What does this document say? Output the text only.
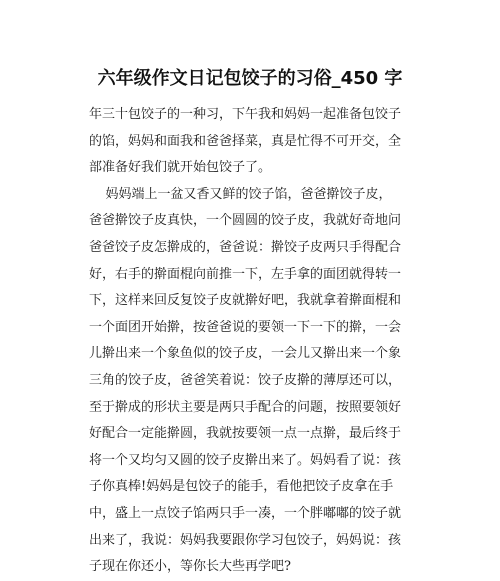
六年级作文日记包饺子的习俗_450 字
年三十包饺子的一种习，下午我和妈妈一起准备包饺子
的馅，妈妈和面我和爸爸择菜，真是忙得不可开交，全
部准备好我们就开始包饺子了。
妈妈端上一盆又香又鲜的饺子馅，爸爸擀饺子皮，
爸爸擀饺子皮真快，一个圆圆的饺子皮，我就好奇地问
爸爸饺子皮怎擀成的，爸爸说：擀饺子皮两只手得配合
好，右手的擀面棍向前推一下，左手拿的面团就得转一
下，这样来回反复饺子皮就擀好吧，我就拿着擀面棍和
一个面团开始擀，按爸爸说的要领一下一下的擀，一会
儿擀出来一个象鱼似的饺子皮，一会儿又擀出来一个象
三角的饺子皮，爸爸笑着说：饺子皮擀的薄厚还可以，
至于擀成的形状主要是两只手配合的问题，按照要领好
好配合一定能擀圆，我就按要领一点一点擀，最后终于
将一个又均匀又圆的饺子皮擀出来了。妈妈看了说：孩
子你真棒!妈妈是包饺子的能手，看他把饺子皮拿在手
中，盛上一点饺子馅两只手一凑，一个胖嘟嘟的饺子就
出来了，我说：妈妈我要跟你学习包饺子，妈妈说：孩
子现在你还小，等你长大些再学吧?
